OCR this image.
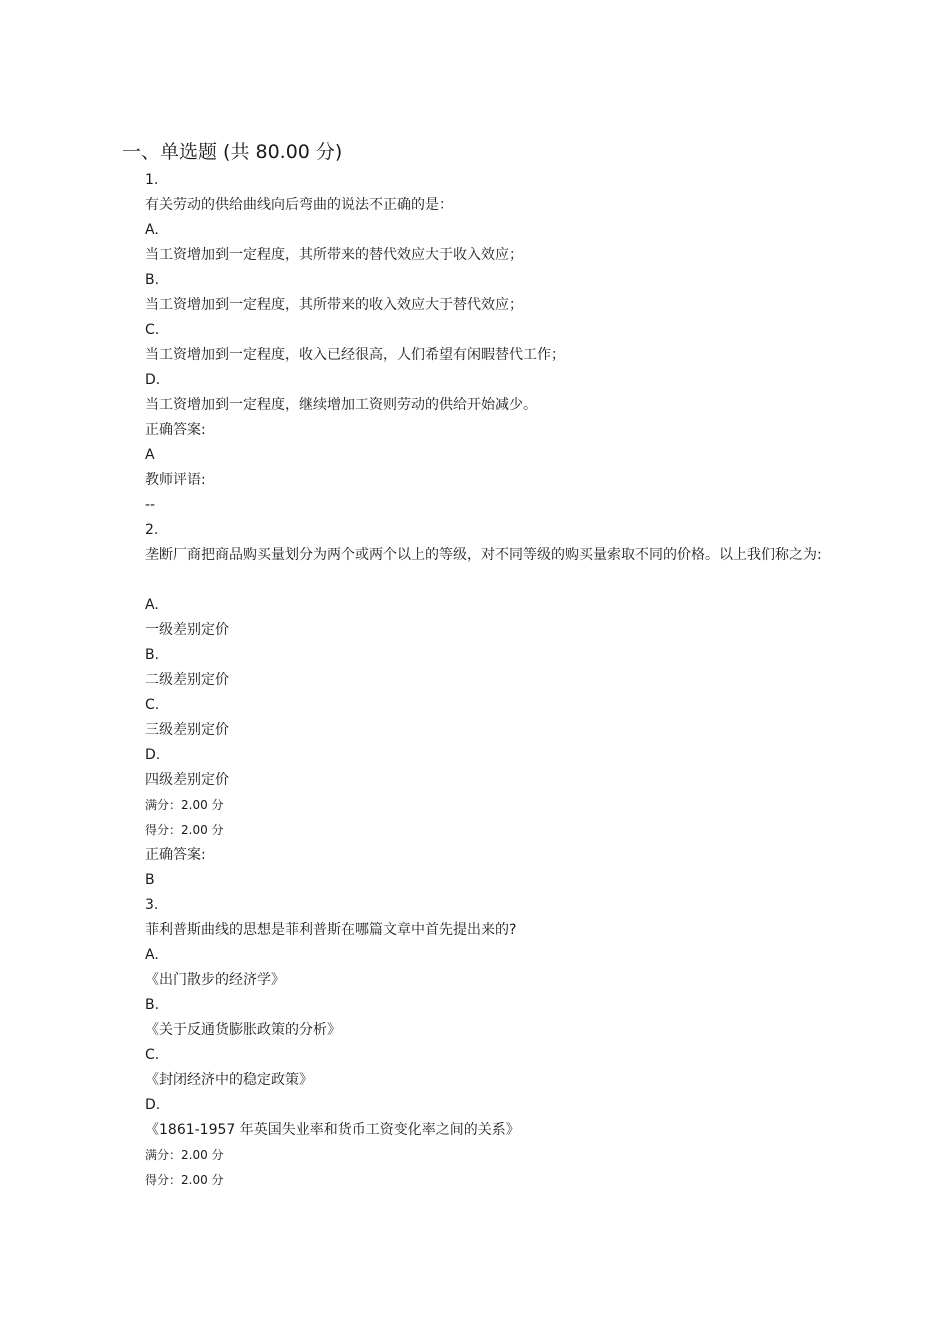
一、单选题 (共 80.00 分)
1.
有关劳动的供给曲线向后弯曲的说法不正确的是：
A.
当工资增加到一定程度，其所带来的替代效应大于收入效应；
B.
当工资增加到一定程度，其所带来的收入效应大于替代效应；
C.
当工资增加到一定程度，收入已经很高，人们希望有闲暇替代工作；
D.
当工资增加到一定程度，继续增加工资则劳动的供给开始减少。
正确答案:
A
教师评语:
--
2.
垄断厂商把商品购买量划分为两个或两个以上的等级，对不同等级的购买量索取不同的价格。以上我们称之为:
A.
一级差别定价
B.
二级差别定价
C.
三级差别定价
D.
四级差别定价
满分：2.00 分
得分：2.00 分
正确答案:
B
3.
菲利普斯曲线的思想是菲利普斯在哪篇文章中首先提出来的?
A.
《出门散步的经济学》
B.
《关于反通货膨胀政策的分析》
C.
《封闭经济中的稳定政策》
D.
《1861-1957 年英国失业率和货币工资变化率之间的关系》
满分：2.00 分
得分：2.00 分
